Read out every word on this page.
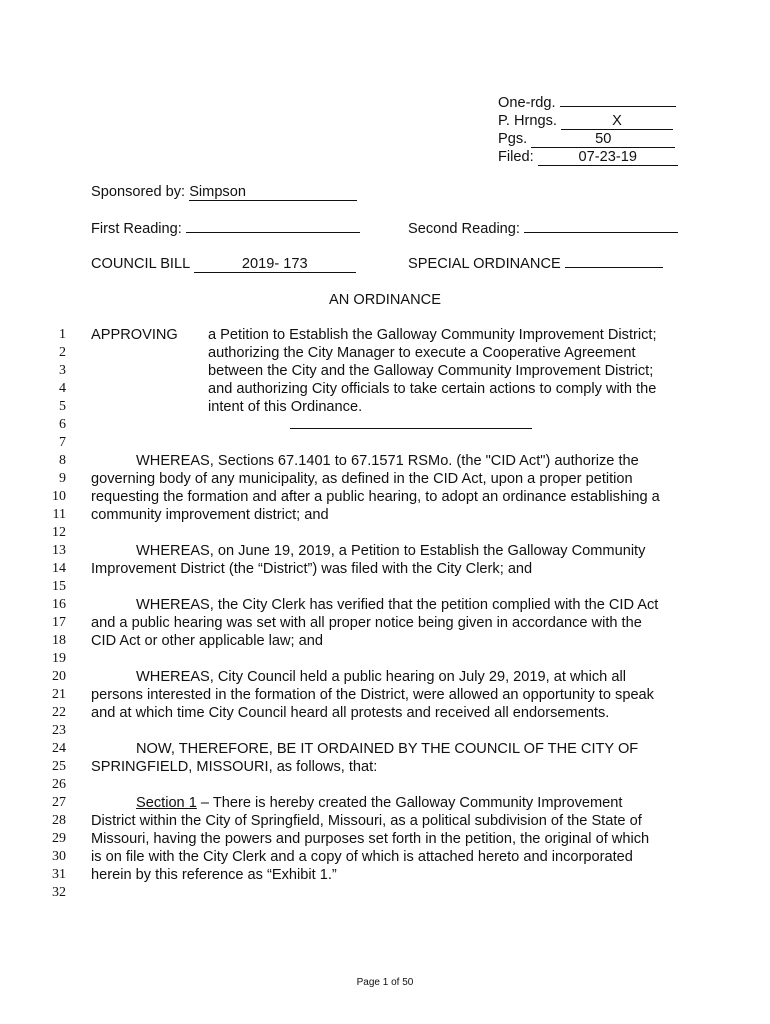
One-rdg.
P. Hrngs.	X
Pgs.	50
Filed:	07-23-19
Sponsored by: Simpson
First Reading:	Second Reading:
COUNCIL BILL	2019- 173	SPECIAL ORDINANCE
AN ORDINANCE
1
2
3
4
5
6
7
8
9
10
11
12
13
14
15
16
17
18
19
20
21
22
23
24
25
26
27
28
29
30
31
32
APPROVING a Petition to Establish the Galloway Community Improvement District;
authorizing the City Manager to execute a Cooperative Agreement
between the City and the Galloway Community Improvement District;
and authorizing City officials to take certain actions to comply with the
intent of this Ordinance.
WHEREAS, Sections 67.1401 to 67.1571 RSMo. (the "CID Act") authorize the
governing body of any municipality, as defined in the CID Act, upon a proper petition
requesting the formation and after a public hearing, to adopt an ordinance establishing a
community improvement district; and
WHEREAS, on June 19, 2019, a Petition to Establish the Galloway Community
Improvement District (the “District”) was filed with the City Clerk; and
WHEREAS, the City Clerk has verified that the petition complied with the CID Act
and a public hearing was set with all proper notice being given in accordance with the
CID Act or other applicable law; and
WHEREAS, City Council held a public hearing on July 29, 2019, at which all
persons interested in the formation of the District, were allowed an opportunity to speak
and at which time City Council heard all protests and received all endorsements.
NOW, THEREFORE, BE IT ORDAINED BY THE COUNCIL OF THE CITY OF
SPRINGFIELD, MISSOURI, as follows, that:
Section 1 – There is hereby created the Galloway Community Improvement
District within the City of Springfield, Missouri, as a political subdivision of the State of
Missouri, having the powers and purposes set forth in the petition, the original of which
is on file with the City Clerk and a copy of which is attached hereto and incorporated
herein by this reference as “Exhibit 1.”
Page 1 of 50
